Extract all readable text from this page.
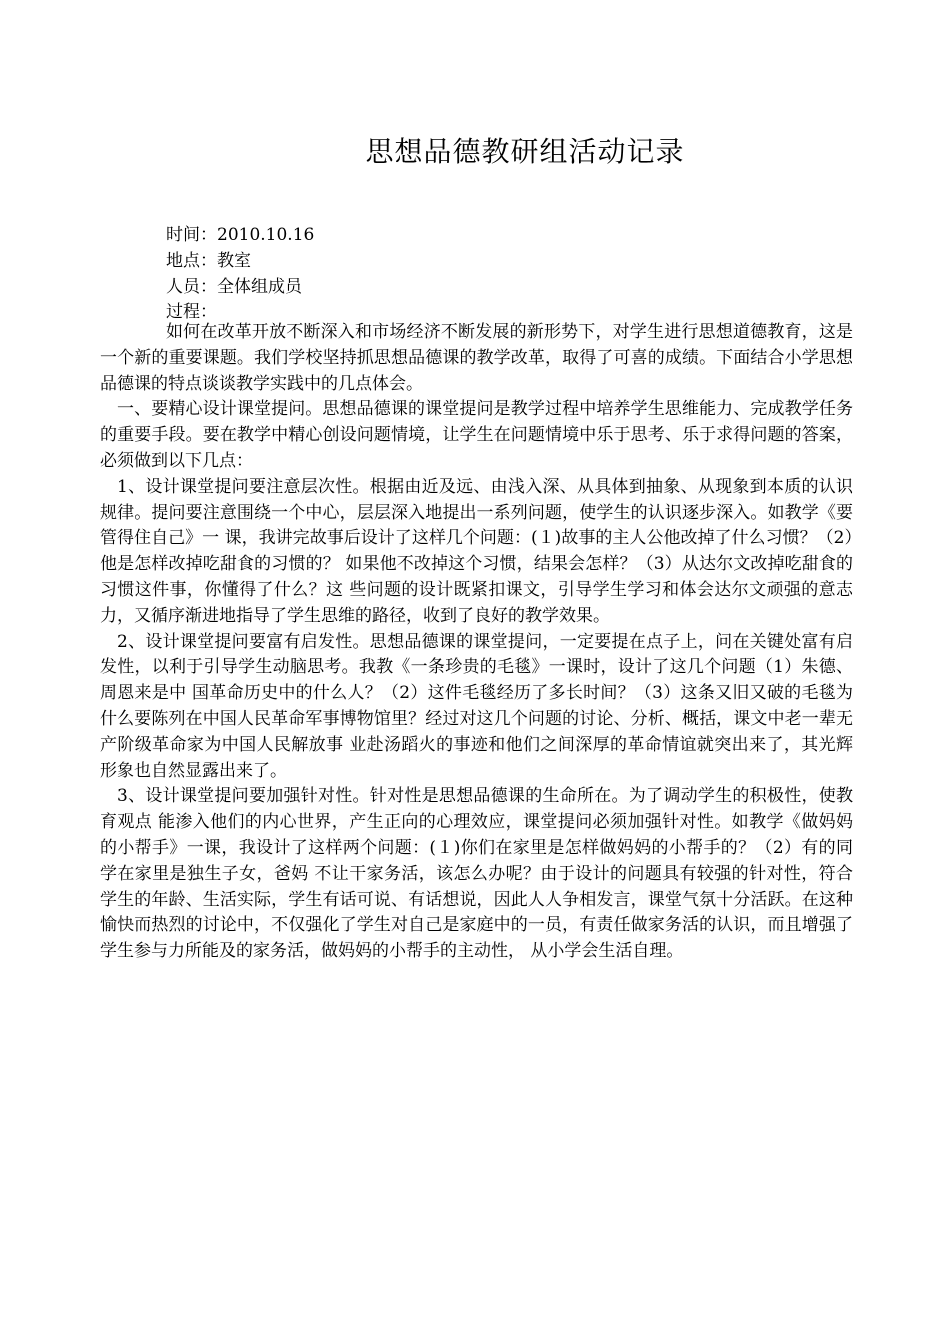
思想品德教研组活动记录
时间：2010.10.16
地点：教室
人员：全体组成员
过程：

如何在改革开放不断深入和市场经济不断发展的新形势下，对学生进行思想道德教育，这是一个新的重要课题。我们学校坚持抓思想品德课的教学改革，取得了可喜的成绩。下面结合小学思想品德课的特点谈谈教学实践中的几点体会。

一、要精心设计课堂提问。思想品德课的课堂提问是教学过程中培养学生思维能力、完成教学任务的重要手段。要在教学中精心创设问题情境，让学生在问题情境中乐于思考、乐于求得问题的答案，必须做到以下几点：

1、设计课堂提问要注意层次性。根据由近及远、由浅入深、从具体到抽象、从现象到本质的认识规律。提问要注意围绕一个中心，层层深入地提出一系列问题，使学生的认识逐步深入。如教学《要管得住自己》一 课，我讲完故事后设计了这样几个问题：(１)故事的主人公他改掉了什么习惯？（2）他是怎样改掉吃甜食的习惯的？ 如果他不改掉这个习惯，结果会怎样？（3）从达尔文改掉吃甜食的习惯这件事，你懂得了什么？这 些问题的设计既紧扣课文，引导学生学习和体会达尔文顽强的意志力，又循序渐进地指导了学生思维的路径，收到了良好的教学效果。

2、设计课堂提问要富有启发性。思想品德课的课堂提问，一定要提在点子上，问在关键处富有启发性，以利于引导学生动脑思考。我教《一条珍贵的毛毯》一课时，设计了这几个问题（1）朱德、周恩来是中 国革命历史中的什么人？（2）这件毛毯经历了多长时间？（3）这条又旧又破的毛毯为什么要陈列在中国人民革命军事博物馆里？经过对这几个问题的讨论、分析、概括，课文中老一辈无产阶级革命家为中国人民解放事 业赴汤蹈火的事迹和他们之间深厚的革命情谊就突出来了，其光辉形象也自然显露出来了。

3、设计课堂提问要加强针对性。针对性是思想品德课的生命所在。为了调动学生的积极性，使教育观点 能渗入他们的内心世界，产生正向的心理效应，课堂提问必须加强针对性。如教学《做妈妈的小帮手》一课，我设计了这样两个问题：(１)你们在家里是怎样做妈妈的小帮手的？（2）有的同学在家里是独生子女，爸妈 不让干家务活，该怎么办呢？由于设计的问题具有较强的针对性，符合学生的年龄、生活实际，学生有话可说、有话想说，因此人人争相发言，课堂气氛十分活跃。在这种愉快而热烈的讨论中，不仅强化了学生对自己是家庭中的一员，有责任做家务活的认识，而且增强了学生参与力所能及的家务活，做妈妈的小帮手的主动性， 从小学会生活自理。
